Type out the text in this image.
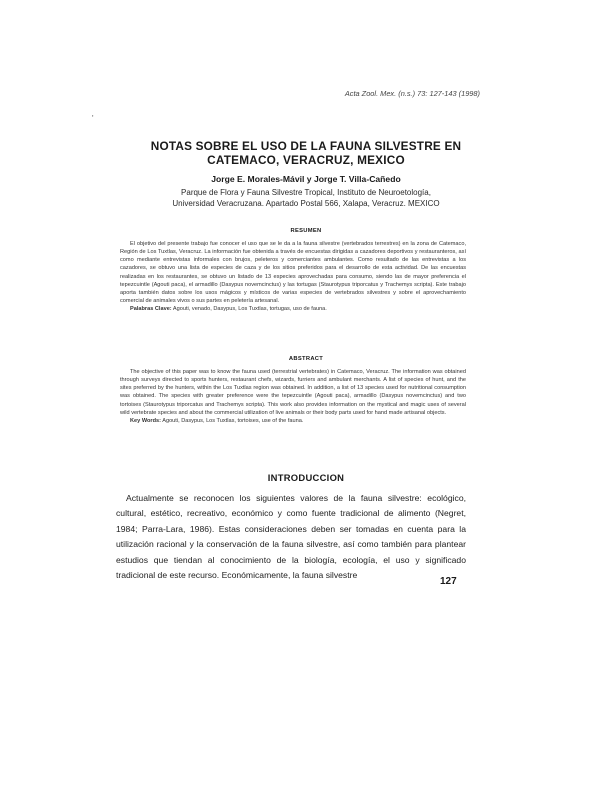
Acta Zool. Mex. (n.s.) 73: 127-143 (1998)
'
NOTAS SOBRE EL USO DE LA FAUNA SILVESTRE EN
CATEMACO, VERACRUZ, MEXICO
Jorge E. Morales-Mávil y Jorge T. Villa-Cañedo
Parque de Flora y Fauna Silvestre Tropical, Instituto de Neuroetología,
Universidad Veracruzana. Apartado Postal 566, Xalapa, Veracruz. MEXICO
RESUMEN

El objetivo del presente trabajo fue conocer el uso que se le da a la fauna silvestre (vertebrados terrestres) en la zona de Catemaco, Región de Los Tuxtlas, Veracruz. La información fue obtenida a través de encuestas dirigidas a cazadores deportivos y restauranteros, así como mediante entrevistas informales con brujos, peleteros y comerciantes ambulantes. Como resultado de las entrevistas a los cazadores, se obtuvo una lista de especies de caza y de los sitios preferidos para el desarrollo de esta actividad. De las encuestas realizadas en los restaurantes, se obtuvo un listado de 13 especies aprovechadas para consumo, siendo las de mayor preferencia el tepezcuintle (Agouti paca), el armadillo (Dasypus novemcinctus) y las tortugas (Staurotypus triporcatus y Trachemys scripta). Este trabajo aporta también datos sobre los usos mágicos y místicos de varias especies de vertebrados silvestres y sobre el aprovechamiento comercial de animales vivos o sus partes en peletería artesanal.

Palabras Clave: Agouti, venado, Dasypus, Los Tuxtlas, tortugas, uso de fauna.

ABSTRACT

The objective of this paper was to know the fauna used (terrestrial vertebrates) in Catemaco, Veracruz. The information was obtained through surveys directed to sports hunters, restaurant chefs, wizards, furriers and ambulant merchants. A list of species of hunt, and the sites preferred by the hunters, within the Los Tuxtlas region was obtained. In addition, a list of 13 species used for nutritional consumption was obtained. The species with greater preference were the tepezcuintle (Agouti paca), armadillo (Dasypus novemcinctus) and two tortoises (Staurotypus triporcatus and Trachemys scripta). This work also provides information on the mystical and magic uses of several wild vertebrate species and about the commercial utilization of live animals or their body parts used for hand made artisanal objects.

Key Words: Agouti, Dasypus, Los Tuxtlas, tortoises, use of the fauna.

INTRODUCCION

Actualmente se reconocen los siguientes valores de la fauna silvestre: ecológico, cultural, estético, recreativo, económico y como fuente tradicional de alimento (Negret, 1984; Parra-Lara, 1986). Estas consideraciones deben ser tomadas en cuenta para la utilización racional y la conservación de la fauna silvestre, así como también para plantear estudios que tiendan al conocimiento de la biología, ecología, el uso y significado tradicional de este recurso. Económicamente, la fauna silvestre

127
